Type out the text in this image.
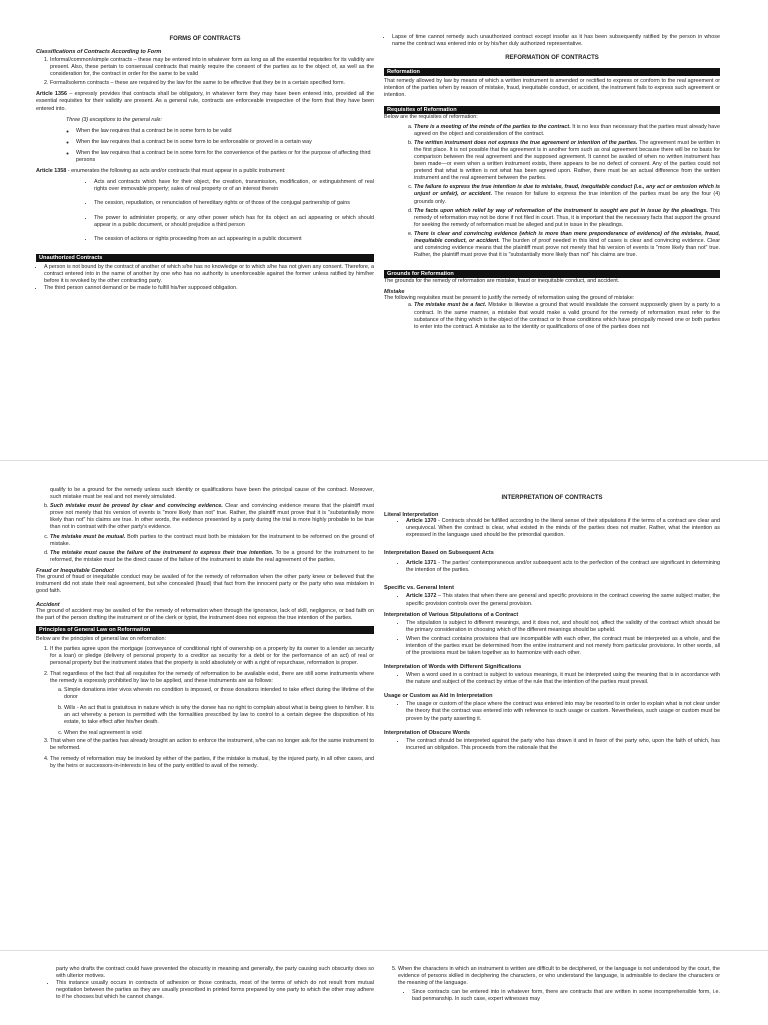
FORMS OF CONTRACTS
Classifications of Contracts According to Form
1. Informal/common/simple contracts – these may be entered into in whatever form as long as all the essential requisites for its validity are present. Also, these pertain to consensual contracts that mainly require the consent of the parties as to the object of, as well as the consideration for, the contract in order for the same to be valid
2. Formal/solemn contracts – these are required by the law for the same to be effective that they be in a certain specified form.

Article 1356 – expressly provides that contracts shall be obligatory, in whatever form they may have been entered into, provided all the essential requisites for their validity are present. As a general rule, contracts are enforceable irrespective of the form that they have been entered into.

Three (3) exceptions to the general rule:

◦ When the law requires that a contract be in some form to be valid
◦ When the law requires that a contract be in some form to be enforceable or proved in a certain way
◦ When the law requires that a contract be in some form for the convenience of the parties or for the purpose of affecting third persons

Article 1358 - enumerates the following as acts and/or contracts that must appear in a public instrument:

• Acts and contracts which have for their object, the creation, transmission, modification, or extinguishment of real rights over immovable property; sales of real property or of an interest therein
• The cession, repudiation, or renunciation of hereditary rights or of those of the conjugal partnership of gains
• The power to administer property, or any other power which has for its object an act appearing or which should appear in a public document, or should prejudice a third person
• The cession of actions or rights proceeding from an act appearing in a public document
Unauthorized Contracts
• A person is not bound by the contract of another of which s/he has no knowledge or to which s/he has not given any consent. Therefore, a contract entered into in the name of another by one who has no authority is unenforceable against the former unless ratified by him/her before it is revoked by the other contracting party.
• The third person cannot demand or be made to fulfill his/her supposed obligation.
• Lapse of time cannot remedy such unauthorized contract except insofar as it has been subsequently ratified by the person in whose name the contract was entered into or by his/her duly authorized representative.
REFORMATION OF CONTRACTS
Reformation

That remedy allowed by law by means of which a written instrument is amended or rectified to express or conform to the real agreement or intention of the parties when by reason of mistake, fraud, inequitable conduct, or accident, the instrument fails to express such agreement or intention.

Requisites of Reformation

Below are the requisites of reformation:

a. There is a meeting of the minds of the parties to the contract. It is no less than necessary that the parties must already have agreed on the object and consideration of the contract.
b. The written instrument does not express the true agreement or intention of the parties. The agreement must be written in the first place. It is not possible that the agreement is in another form such as oral agreement because there will be no basis for comparison between the real agreement and the supposed agreement. It cannot be availed of when no written instrument has been made—or even when a written instrument exists, there appears to be no defect of consent. Any of the parties could not pretend that what is written is not what has been agreed upon. Rather, there must be an actual difference from the written instrument and the real agreement between the parties.
c. The failure to express the true intention is due to mistake, fraud, inequitable conduct (i.e., any act or omission which is unjust or unfair), or accident. The reason for failure to express the true intention of the parties must be any the four (4) grounds only.
d. The facts upon which relief by way of reformation of the instrument is sought are put in issue by the pleadings. This remedy of reformation may not be done if not filed in court. Thus, it is important that the necessary facts that support the ground for seeking the remedy of reformation must be alleged and put in issue in the pleadings.
e. There is clear and convincing evidence (which is more than mere preponderance of evidence) of the mistake, fraud, inequitable conduct, or accident. The burden of proof needed in this kind of cases is clear and convincing evidence. Clear and convincing evidence means that the plaintiff must prove not merely that his version of events is "more likely than not" true. Rather, the plaintiff must prove that it is "substantially more likely than not" his claims are true.
Grounds for Reformation

The grounds for the remedy of reformation are mistake, fraud or inequitable conduct, and accident.

Mistake

The following requisites must be present to justify the remedy of reformation using the ground of mistake:

a. The mistake must be a fact. Mistake is likewise a ground that would invalidate the consent supposedly given by a party to a contract. In the same manner, a mistake that would make a valid ground for the remedy of reformation must refer to the substance of the thing which is the object of the contract or to those conditions which have principally moved one or both parties to enter into the contract. A mistake as to the identity or qualifications of one of the parties does not

qualify to be a ground for the remedy unless such identity or qualifications have been the principal cause of the contract. Moreover, such mistake must be real and not merely simulated.

b. Such mistake must be proved by clear and convincing evidence. Clear and convincing evidence means that the plaintiff must prove not merely that his version of events is "more likely than not" true. Rather, the plaintiff must prove that it is "substantially more likely than not" his claims are true. In other words, the evidence presented by a party during the trial is more highly probable to be true than not in contrast with the other party's evidence.
c. The mistake must be mutual. Both parties to the contract must both be mistaken for the instrument to be reformed on the ground of mistake.
d. The mistake must cause the failure of the instrument to express their true intention. To be a ground for the instrument to be reformed, the mistake must be the direct cause of the failure of the instrument to state the real agreement of the parties.

Fraud or Inequitable Conduct

The ground of fraud or inequitable conduct may be availed of for the remedy of reformation when the other party knew or believed that the instrument did not state their real agreement, but s/he concealed (fraud) that fact from the innocent party or the party who was mistaken in good faith.

Accident

The ground of accident may be availed of for the remedy of reformation when through the ignorance, lack of skill, negligence, or bad faith on the part of the person drafting the instrument or of the clerk or typist, the instrument does not express the true intention of the parties.

Principles of General Law on Reformation

Below are the principles of general law on reformation:

1. If the parties agree upon the mortgage (conveyance of conditional right of ownership on a property by its owner to a lender as security for a loan) or pledge (delivery of personal property to a creditor as security for a debt or for the performance of an act) of real or personal property but the instrument states that the property is sold absolutely or with a right of repurchase, reformation is proper.
2. That regardless of the fact that all requisites for the remedy of reformation to be available exist, there are still some instruments where the remedy is expressly prohibited by law to be applied, and these instruments are as follows:
a. Simple donations inter vivos wherein no condition is imposed, or those donations intended to take effect during the lifetime of the donor
b. Wills - An act that is gratuitous in nature which is why the donee has no right to complain about what is being given to him/her. It is an act whereby a person is permitted with the formalities prescribed by law to control to a certain degree the disposition of his estate, to take effect after his/her death.
c. When the real agreement is void
3. That when one of the parties has already brought an action to enforce the instrument, s/he can no longer ask for the same instrument to be reformed.
4. The remedy of reformation may be invoked by either of the parties, if the mistake is mutual, by the injured party, in all other cases, and by the heirs or successors-in-interests in lieu of the party entitled to avail of the remedy.
INTERPRETATION OF CONTRACTS

Literal Interpretation

• Article 1370 - Contracts should be fulfilled according to the literal sense of their stipulations if the terms of a contract are clear and unequivocal. When the contract is clear, what existed in the minds of the parties does not matter. Rather, what the intention as expressed in the language used should be the primordial question.

Interpretation Based on Subsequent Acts

• Article 1371 - The parties' contemporaneous and/or subsequent acts to the perfection of the contract are significant in determining the intention of the parties.

Specific vs. General Intent

• Article 1372 – This states that when there are general and specific provisions in the contract covering the same subject matter, the specific provision controls over the general provision.

Interpretation of Various Stipulations of a Contract

• The stipulation is subject to different meanings, and it does not, and should not, affect the validity of the contract which should be the primary consideration in choosing which of the different meanings should be upheld.
• When the contract contains provisions that are incompatible with each other, the contract must be interpreted as a whole, and the intention of the parties must be determined from the entire instrument and not merely from particular provisions. In other words, all of the provisions must be taken together as to harmonize with each other.

Interpretation of Words with Different Significations

• When a word used in a contract is subject to various meanings, it must be interpreted using the meaning that is in accordance with the nature and subject of the contract by virtue of the rule that the intention of the parties must prevail.

Usage or Custom as Aid in Interpretation

• The usage or custom of the place where the contract was entered into may be resorted to in order to explain what is not clear under the theory that the contract was entered into with reference to such usage or custom. Nevertheless, such usage or custom must be proven by the party asserting it.

Interpretation of Obscure Words

• The contract should be interpreted against the party who has drawn it and in favor of the party who, upon the faith of which, has incurred an obligation. This proceeds from the rationale that the

party who drafts the contract could have prevented the obscurity in meaning and generally, the party causing such obscurity does so with ulterior motives.

• This instance usually occurs in contracts of adhesion or those contracts, most of the terms of which do not result from mutual negotiation between the parties as they are usually prescribed in printed forms prepared by one party to which the other may adhere to if he chooses but which he cannot change.
5. When the characters in which an instrument is written are difficult to be deciphered, or the language is not understood by the court, the evidence of persons skilled in deciphering the characters, or who understand the language, is admissible to declare the characters or the meaning of the language.
• Since contracts can be entered into in whatever form, there are contracts that are written in some incomprehensible form, i.e. bad penmanship. In such case, expert witnesses may
